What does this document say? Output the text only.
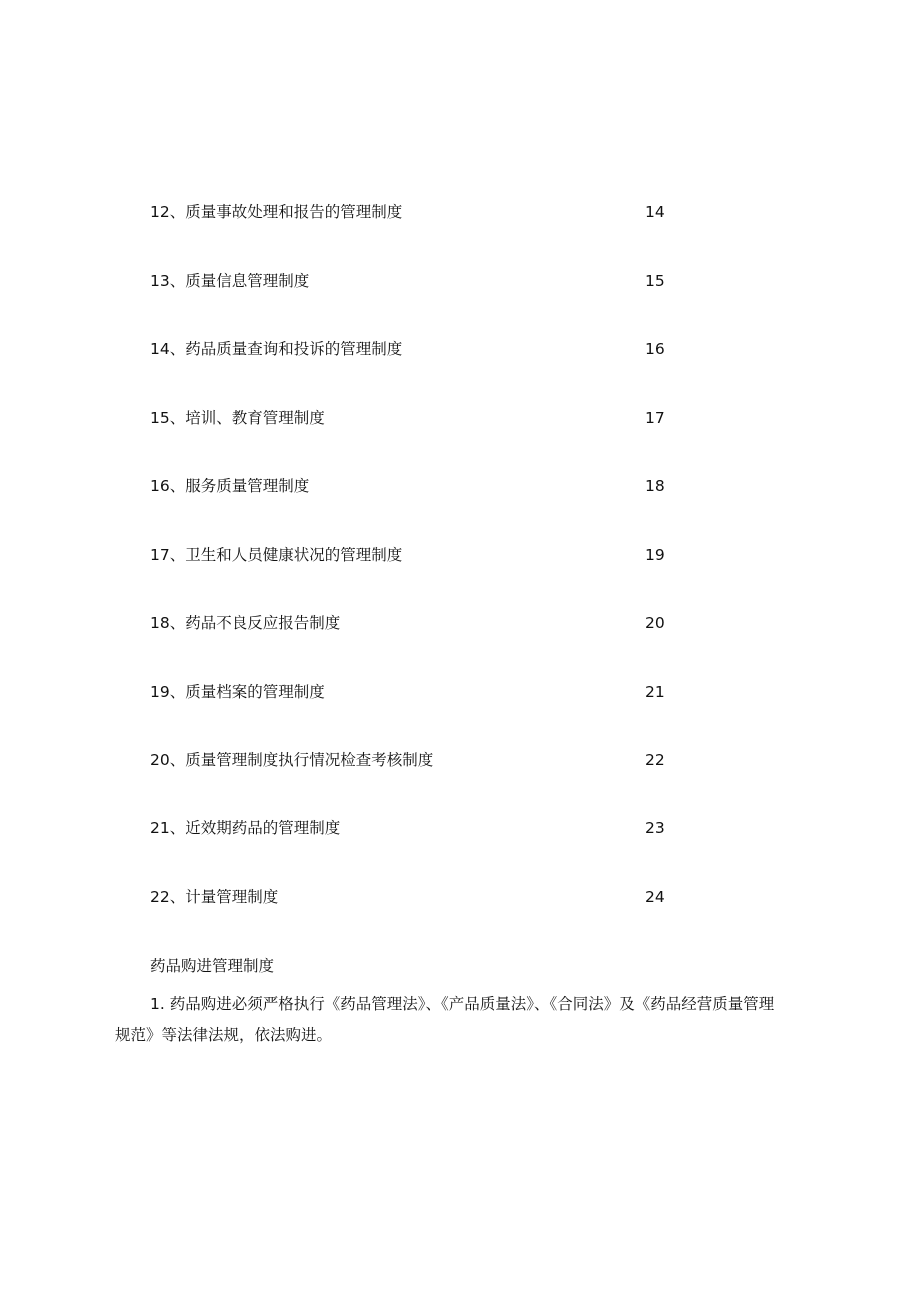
12、质量事故处理和报告的管理制度	14
13、质量信息管理制度	15
14、药品质量查询和投诉的管理制度	16
15、培训、教育管理制度	17
16、服务质量管理制度	18
17、卫生和人员健康状况的管理制度	19
18、药品不良反应报告制度	20
19、质量档案的管理制度	21
20、质量管理制度执行情况检查考核制度	22
21、近效期药品的管理制度	23
22、计量管理制度	24
药品购进管理制度

1. 药品购进必须严格执行《药品管理法》、《产品质量法》、《合同法》及《药品经营质量管理规范》等法律法规，依法购进。
